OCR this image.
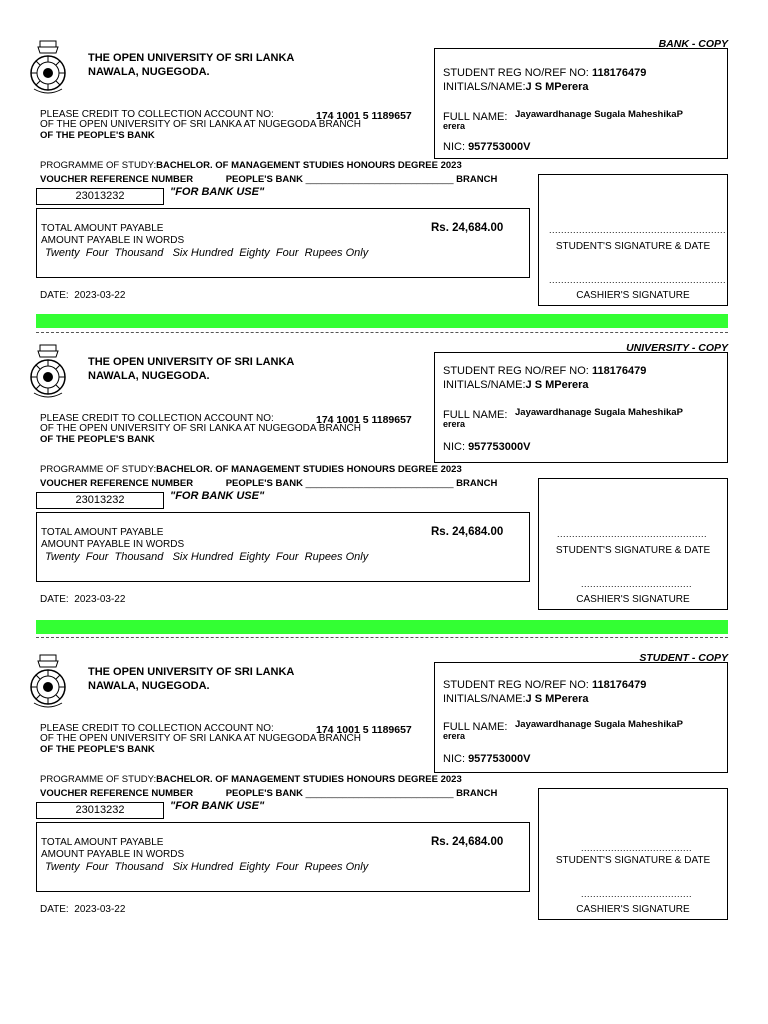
BANK - COPY
THE OPEN UNIVERSITY OF SRI LANKA
NAWALA, NUGEGODA.	STUDENT REG NO/REF NO: 118176479
INITIALS/NAME:J S MPerera
FULL NAME: Jayawardhanage Sugala MaheshikaP
erera
NIC: 957753000V
PLEASE CREDIT TO COLLECTION ACCOUNT NO:
OF THE OPEN UNIVERSITY OF SRI LANKA AT NUGEGODA BRANCH
174 1001 5 1189657
OF THE PEOPLE'S BANK
PROGRAMME OF STUDY:BACHELOR. OF MANAGEMENT STUDIES HONOURS DEGREE 2023
VOUCHER REFERENCE NUMBER	PEOPLE'S BANK ____________________________ BRANCH
23013232	"FOR BANK USE"
TOTAL AMOUNT PAYABLE	Rs. 24,684.00
AMOUNT PAYABLE IN WORDS
Twenty  Four  Thousand   Six Hundred  Eighty  Four  Rupees Only
DATE: 2023-03-22
...........................................................
STUDENT'S SIGNATURE & DATE
...........................................................
CASHIER'S SIGNATURE
UNIVERSITY - COPY
THE OPEN UNIVERSITY OF SRI LANKA
NAWALA, NUGEGODA.	STUDENT REG NO/REF NO: 118176479
INITIALS/NAME:J S MPerera
FULL NAME: Jayawardhanage Sugala MaheshikaP
erera
NIC: 957753000V
PLEASE CREDIT TO COLLECTION ACCOUNT NO:
OF THE OPEN UNIVERSITY OF SRI LANKA AT NUGEGODA BRANCH
174 1001 5 1189657
OF THE PEOPLE'S BANK
PROGRAMME OF STUDY:BACHELOR. OF MANAGEMENT STUDIES HONOURS DEGREE 2023
VOUCHER REFERENCE NUMBER	PEOPLE'S BANK ____________________________ BRANCH
23013232	"FOR BANK USE"
TOTAL AMOUNT PAYABLE	Rs. 24,684.00
AMOUNT PAYABLE IN WORDS
Twenty  Four  Thousand   Six Hundred  Eighty  Four  Rupees Only
DATE: 2023-03-22
..................................................
STUDENT'S SIGNATURE & DATE
.....................................
CASHIER'S SIGNATURE
STUDENT - COPY
THE OPEN UNIVERSITY OF SRI LANKA
NAWALA, NUGEGODA.	STUDENT REG NO/REF NO: 118176479
INITIALS/NAME:J S MPerera
FULL NAME: Jayawardhanage Sugala MaheshikaP
erera
NIC: 957753000V
PLEASE CREDIT TO COLLECTION ACCOUNT NO:
OF THE OPEN UNIVERSITY OF SRI LANKA AT NUGEGODA BRANCH
174 1001 5 1189657
OF THE PEOPLE'S BANK
PROGRAMME OF STUDY:BACHELOR. OF MANAGEMENT STUDIES HONOURS DEGREE 2023
VOUCHER REFERENCE NUMBER	PEOPLE'S BANK ____________________________ BRANCH
23013232	"FOR BANK USE"
TOTAL AMOUNT PAYABLE	Rs. 24,684.00
AMOUNT PAYABLE IN WORDS
Twenty  Four  Thousand   Six Hundred  Eighty  Four  Rupees Only
DATE: 2023-03-22
.....................................
STUDENT'S SIGNATURE & DATE
.....................................
CASHIER'S SIGNATURE
